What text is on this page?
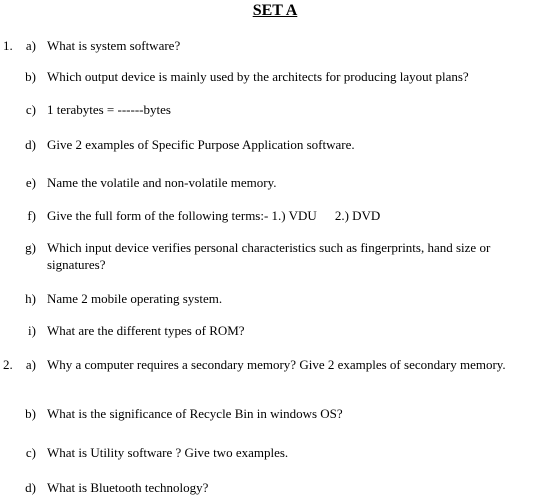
SET A
1.	a) What is system software?
b) Which output device is mainly used by the architects for producing layout plans?
c) 1 terabytes = ------bytes
d) Give 2 examples of Specific Purpose Application software.
e) Name the volatile and non-volatile memory.
f) Give the full form of the following terms:- 1.) VDU 2.) DVD
g) Which input device verifies personal characteristics such as fingerprints, hand size or signatures?
h) Name 2 mobile operating system.
i) What are the different types of ROM?
2.	a) Why a computer requires a secondary memory? Give 2 examples of secondary memory.
b) What is the significance of Recycle Bin in windows OS?
c) What is Utility software ? Give two examples.
d) What is Bluetooth technology?
